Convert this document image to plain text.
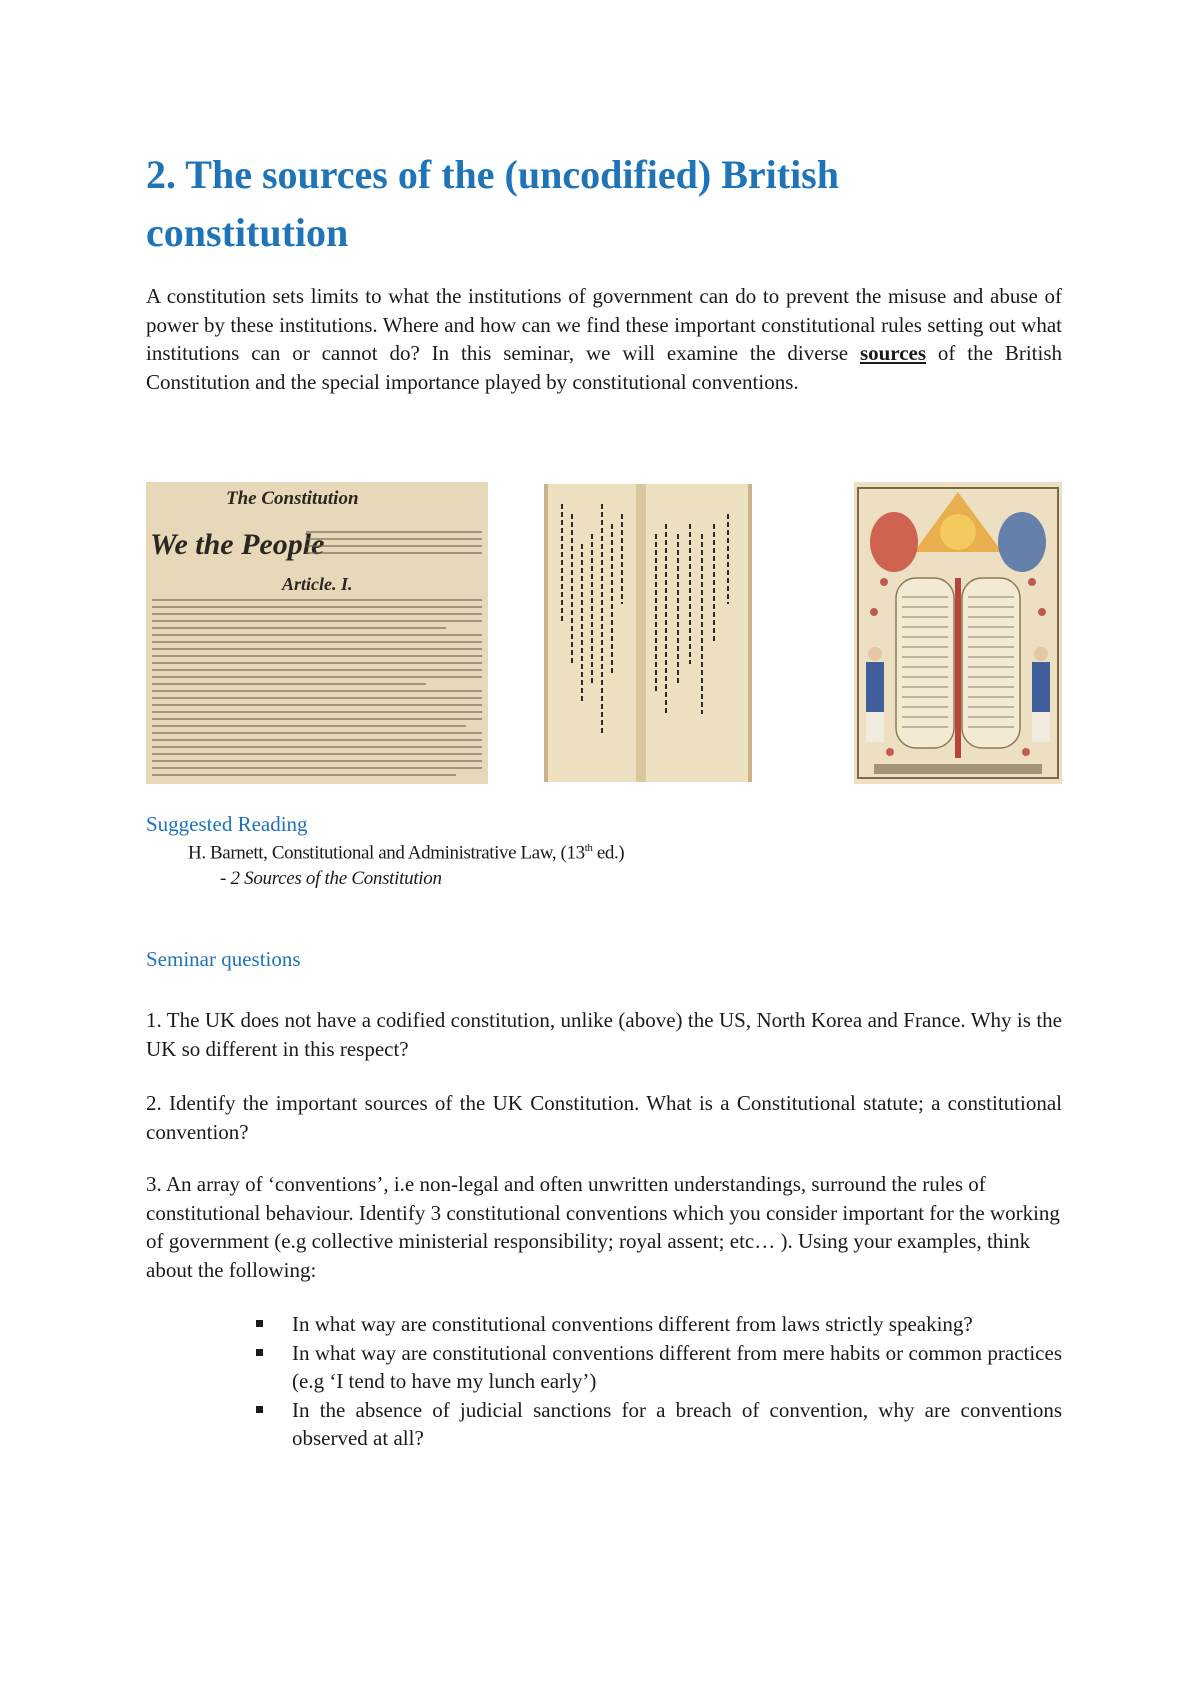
2. The sources of the (uncodified) British constitution

A constitution sets limits to what the institutions of government can do to prevent the misuse and abuse of power by these institutions. Where and how can we find these important constitutional rules setting out what institutions can or cannot do? In this seminar, we will examine the diverse sources of the British Constitution and the special importance played by constitutional conventions.

The Constitution
We the People
Article. I.
Suggested Reading

H. Barnett, Constitutional and Administrative Law, (13th ed.)

- 2 Sources of the Constitution

Seminar questions

1. The UK does not have a codified constitution, unlike (above) the US, North Korea and France. Why is the UK so different in this respect?

2. Identify the important sources of the UK Constitution. What is a Constitutional statute; a constitutional convention?

3. An array of ‘conventions’, i.e non-legal and often unwritten understandings, surround the rules of constitutional behaviour. Identify 3 constitutional conventions which you consider important for the working of government (e.g collective ministerial responsibility; royal assent; etc… ). Using your examples, think about the following:

In what way are constitutional conventions different from laws strictly speaking?
In what way are constitutional conventions different from mere habits or common practices (e.g ‘I tend to have my lunch early’)
In the absence of judicial sanctions for a breach of convention, why are conventions observed at all?
